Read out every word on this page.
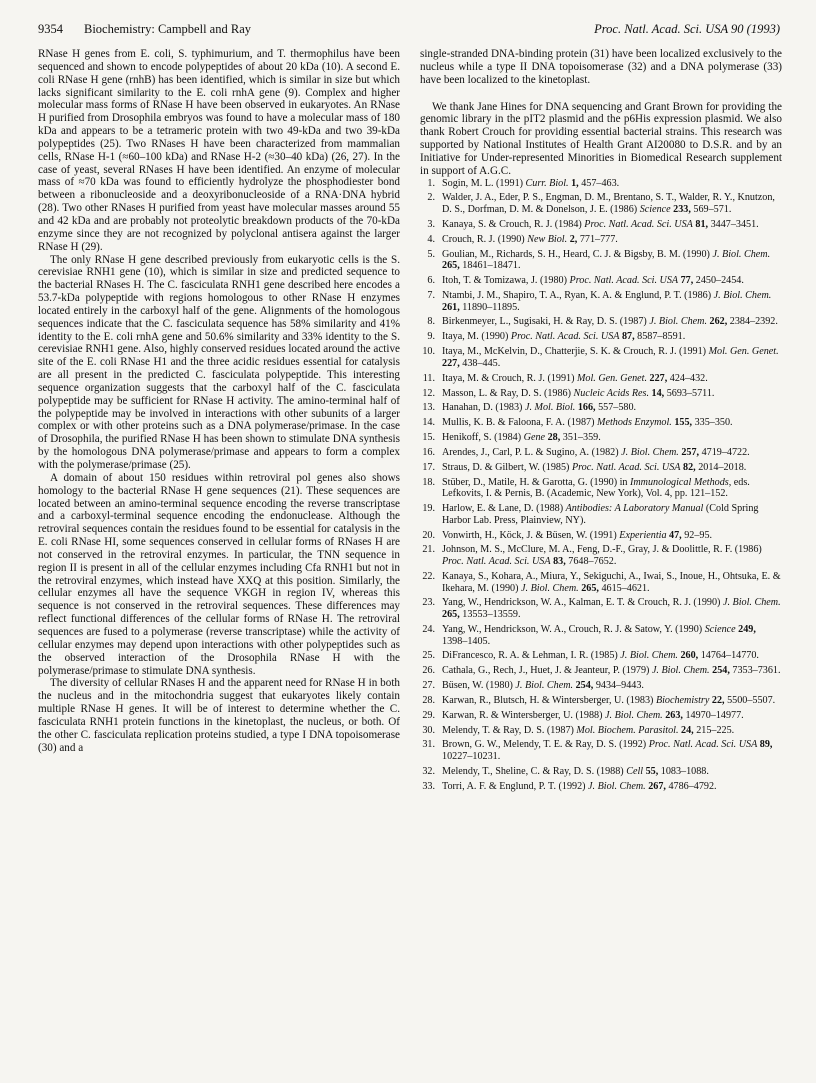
9354 Biochemistry: Campbell and Ray	Proc. Natl. Acad. Sci. USA 90 (1993)

RNase H genes from E. coli, S. typhimurium, and T. thermophilus have been sequenced and shown to encode polypeptides of about 20 kDa (10). A second E. coli RNase H gene (rnhB) has been identified, which is similar in size but which lacks significant similarity to the E. coli rnhA gene (9). Complex and higher molecular mass forms of RNase H have been observed in eukaryotes. An RNase H purified from Drosophila embryos was found to have a molecular mass of 180 kDa and appears to be a tetrameric protein with two 49-kDa and two 39-kDa polypeptides (25). Two RNases H have been characterized from mammalian cells, RNase H-1 (≈60–100 kDa) and RNase H-2 (≈30–40 kDa) (26, 27). In the case of yeast, several RNases H have been identified. An enzyme of molecular mass of ≈70 kDa was found to efficiently hydrolyze the phosphodiester bond between a ribonucleoside and a deoxyribonucleoside of a RNA·DNA hybrid (28). Two other RNases H purified from yeast have molecular masses around 55 and 42 kDa and are probably not proteolytic breakdown products of the 70-kDa enzyme since they are not recognized by polyclonal antisera against the larger RNase H (29).

The only RNase H gene described previously from eukaryotic cells is the S. cerevisiae RNH1 gene (10), which is similar in size and predicted sequence to the bacterial RNases H. The C. fasciculata RNH1 gene described here encodes a 53.7-kDa polypeptide with regions homologous to other RNase H enzymes located entirely in the carboxyl half of the gene. Alignments of the homologous sequences indicate that the C. fasciculata sequence has 58% similarity and 41% identity to the E. coli rnhA gene and 50.6% similarity and 33% identity to the S. cerevisiae RNH1 gene. Also, highly conserved residues located around the active site of the E. coli RNase H1 and the three acidic residues essential for catalysis are all present in the predicted C. fasciculata polypeptide. This interesting sequence organization suggests that the carboxyl half of the C. fasciculata polypeptide may be sufficient for RNase H activity. The amino-terminal half of the polypeptide may be involved in interactions with other subunits of a larger complex or with other proteins such as a DNA polymerase/primase. In the case of Drosophila, the purified RNase H has been shown to stimulate DNA synthesis by the homologous DNA polymerase/primase and appears to form a complex with the polymerase/primase (25).

A domain of about 150 residues within retroviral pol genes also shows homology to the bacterial RNase H gene sequences (21). These sequences are located between an amino-terminal sequence encoding the reverse transcriptase and a carboxyl-terminal sequence encoding the endonuclease. Although the retroviral sequences contain the residues found to be essential for catalysis in the E. coli RNase HI, some sequences conserved in cellular forms of RNases H are not conserved in the retroviral enzymes. In particular, the TNN sequence in region II is present in all of the cellular enzymes including Cfa RNH1 but not in the retroviral enzymes, which instead have XXQ at this position. Similarly, the cellular enzymes all have the sequence VKGH in region IV, whereas this sequence is not conserved in the retroviral sequences. These differences may reflect functional differences of the cellular forms of RNase H. The retroviral sequences are fused to a polymerase (reverse transcriptase) while the activity of cellular enzymes may depend upon interactions with other polypeptides such as the observed interaction of the Drosophila RNase H with the polymerase/primase to stimulate DNA synthesis.

The diversity of cellular RNases H and the apparent need for RNase H in both the nucleus and in the mitochondria suggest that eukaryotes likely contain multiple RNase H genes. It will be of interest to determine whether the C. fasciculata RNH1 protein functions in the kinetoplast, the nucleus, or both. Of the other C. fasciculata replication proteins studied, a type I DNA topoisomerase (30) and a

single-stranded DNA-binding protein (31) have been localized exclusively to the nucleus while a type II DNA topoisomerase (32) and a DNA polymerase (33) have been localized to the kinetoplast.

We thank Jane Hines for DNA sequencing and Grant Brown for providing the genomic library in the pIT2 plasmid and the p6His expression plasmid. We also thank Robert Crouch for providing essential bacterial strains. This research was supported by National Institutes of Health Grant AI20080 to D.S.R. and by an Initiative for Under-represented Minorities in Biomedical Research supplement in support of A.G.C.

1. Sogin, M. L. (1991) Curr. Biol. 1, 457–463.
2. Walder, J. A., Eder, P. S., Engman, D. M., Brentano, S. T., Walder, R. Y., Knutzon, D. S., Dorfman, D. M. & Donelson, J. E. (1986) Science 233, 569–571.
3. Kanaya, S. & Crouch, R. J. (1984) Proc. Natl. Acad. Sci. USA 81, 3447–3451.
4. Crouch, R. J. (1990) New Biol. 2, 771–777.
5. Goulian, M., Richards, S. H., Heard, C. J. & Bigsby, B. M. (1990) J. Biol. Chem. 265, 18461–18471.
6. Itoh, T. & Tomizawa, J. (1980) Proc. Natl. Acad. Sci. USA 77, 2450–2454.
7. Ntambi, J. M., Shapiro, T. A., Ryan, K. A. & Englund, P. T. (1986) J. Biol. Chem. 261, 11890–11895.
8. Birkenmeyer, L., Sugisaki, H. & Ray, D. S. (1987) J. Biol. Chem. 262, 2384–2392.
9. Itaya, M. (1990) Proc. Natl. Acad. Sci. USA 87, 8587–8591.
10. Itaya, M., McKelvin, D., Chatterjie, S. K. & Crouch, R. J. (1991) Mol. Gen. Genet. 227, 438–445.
11. Itaya, M. & Crouch, R. J. (1991) Mol. Gen. Genet. 227, 424–432.
12. Masson, L. & Ray, D. S. (1986) Nucleic Acids Res. 14, 5693–5711.
13. Hanahan, D. (1983) J. Mol. Biol. 166, 557–580.
14. Mullis, K. B. & Faloona, F. A. (1987) Methods Enzymol. 155, 335–350.
15. Henikoff, S. (1984) Gene 28, 351–359.
16. Arendes, J., Carl, P. L. & Sugino, A. (1982) J. Biol. Chem. 257, 4719–4722.
17. Straus, D. & Gilbert, W. (1985) Proc. Natl. Acad. Sci. USA 82, 2014–2018.
18. Stüber, D., Matile, H. & Garotta, G. (1990) in Immunological Methods, eds. Lefkovits, I. & Pernis, B. (Academic, New York), Vol. 4, pp. 121–152.
19. Harlow, E. & Lane, D. (1988) Antibodies: A Laboratory Manual (Cold Spring Harbor Lab. Press, Plainview, NY).
20. Vonwirth, H., Köck, J. & Büsen, W. (1991) Experientia 47, 92–95.
21. Johnson, M. S., McClure, M. A., Feng, D.-F., Gray, J. & Doolittle, R. F. (1986) Proc. Natl. Acad. Sci. USA 83, 7648–7652.
22. Kanaya, S., Kohara, A., Miura, Y., Sekiguchi, A., Iwai, S., Inoue, H., Ohtsuka, E. & Ikehara, M. (1990) J. Biol. Chem. 265, 4615–4621.
23. Yang, W., Hendrickson, W. A., Kalman, E. T. & Crouch, R. J. (1990) J. Biol. Chem. 265, 13553–13559.
24. Yang, W., Hendrickson, W. A., Crouch, R. J. & Satow, Y. (1990) Science 249, 1398–1405.
25. DiFrancesco, R. A. & Lehman, I. R. (1985) J. Biol. Chem. 260, 14764–14770.
26. Cathala, G., Rech, J., Huet, J. & Jeanteur, P. (1979) J. Biol. Chem. 254, 7353–7361.
27. Büsen, W. (1980) J. Biol. Chem. 254, 9434–9443.
28. Karwan, R., Blutsch, H. & Wintersberger, U. (1983) Biochemistry 22, 5500–5507.
29. Karwan, R. & Wintersberger, U. (1988) J. Biol. Chem. 263, 14970–14977.
30. Melendy, T. & Ray, D. S. (1987) Mol. Biochem. Parasitol. 24, 215–225.
31. Brown, G. W., Melendy, T. E. & Ray, D. S. (1992) Proc. Natl. Acad. Sci. USA 89, 10227–10231.
32. Melendy, T., Sheline, C. & Ray, D. S. (1988) Cell 55, 1083–1088.
33. Torri, A. F. & Englund, P. T. (1992) J. Biol. Chem. 267, 4786–4792.
